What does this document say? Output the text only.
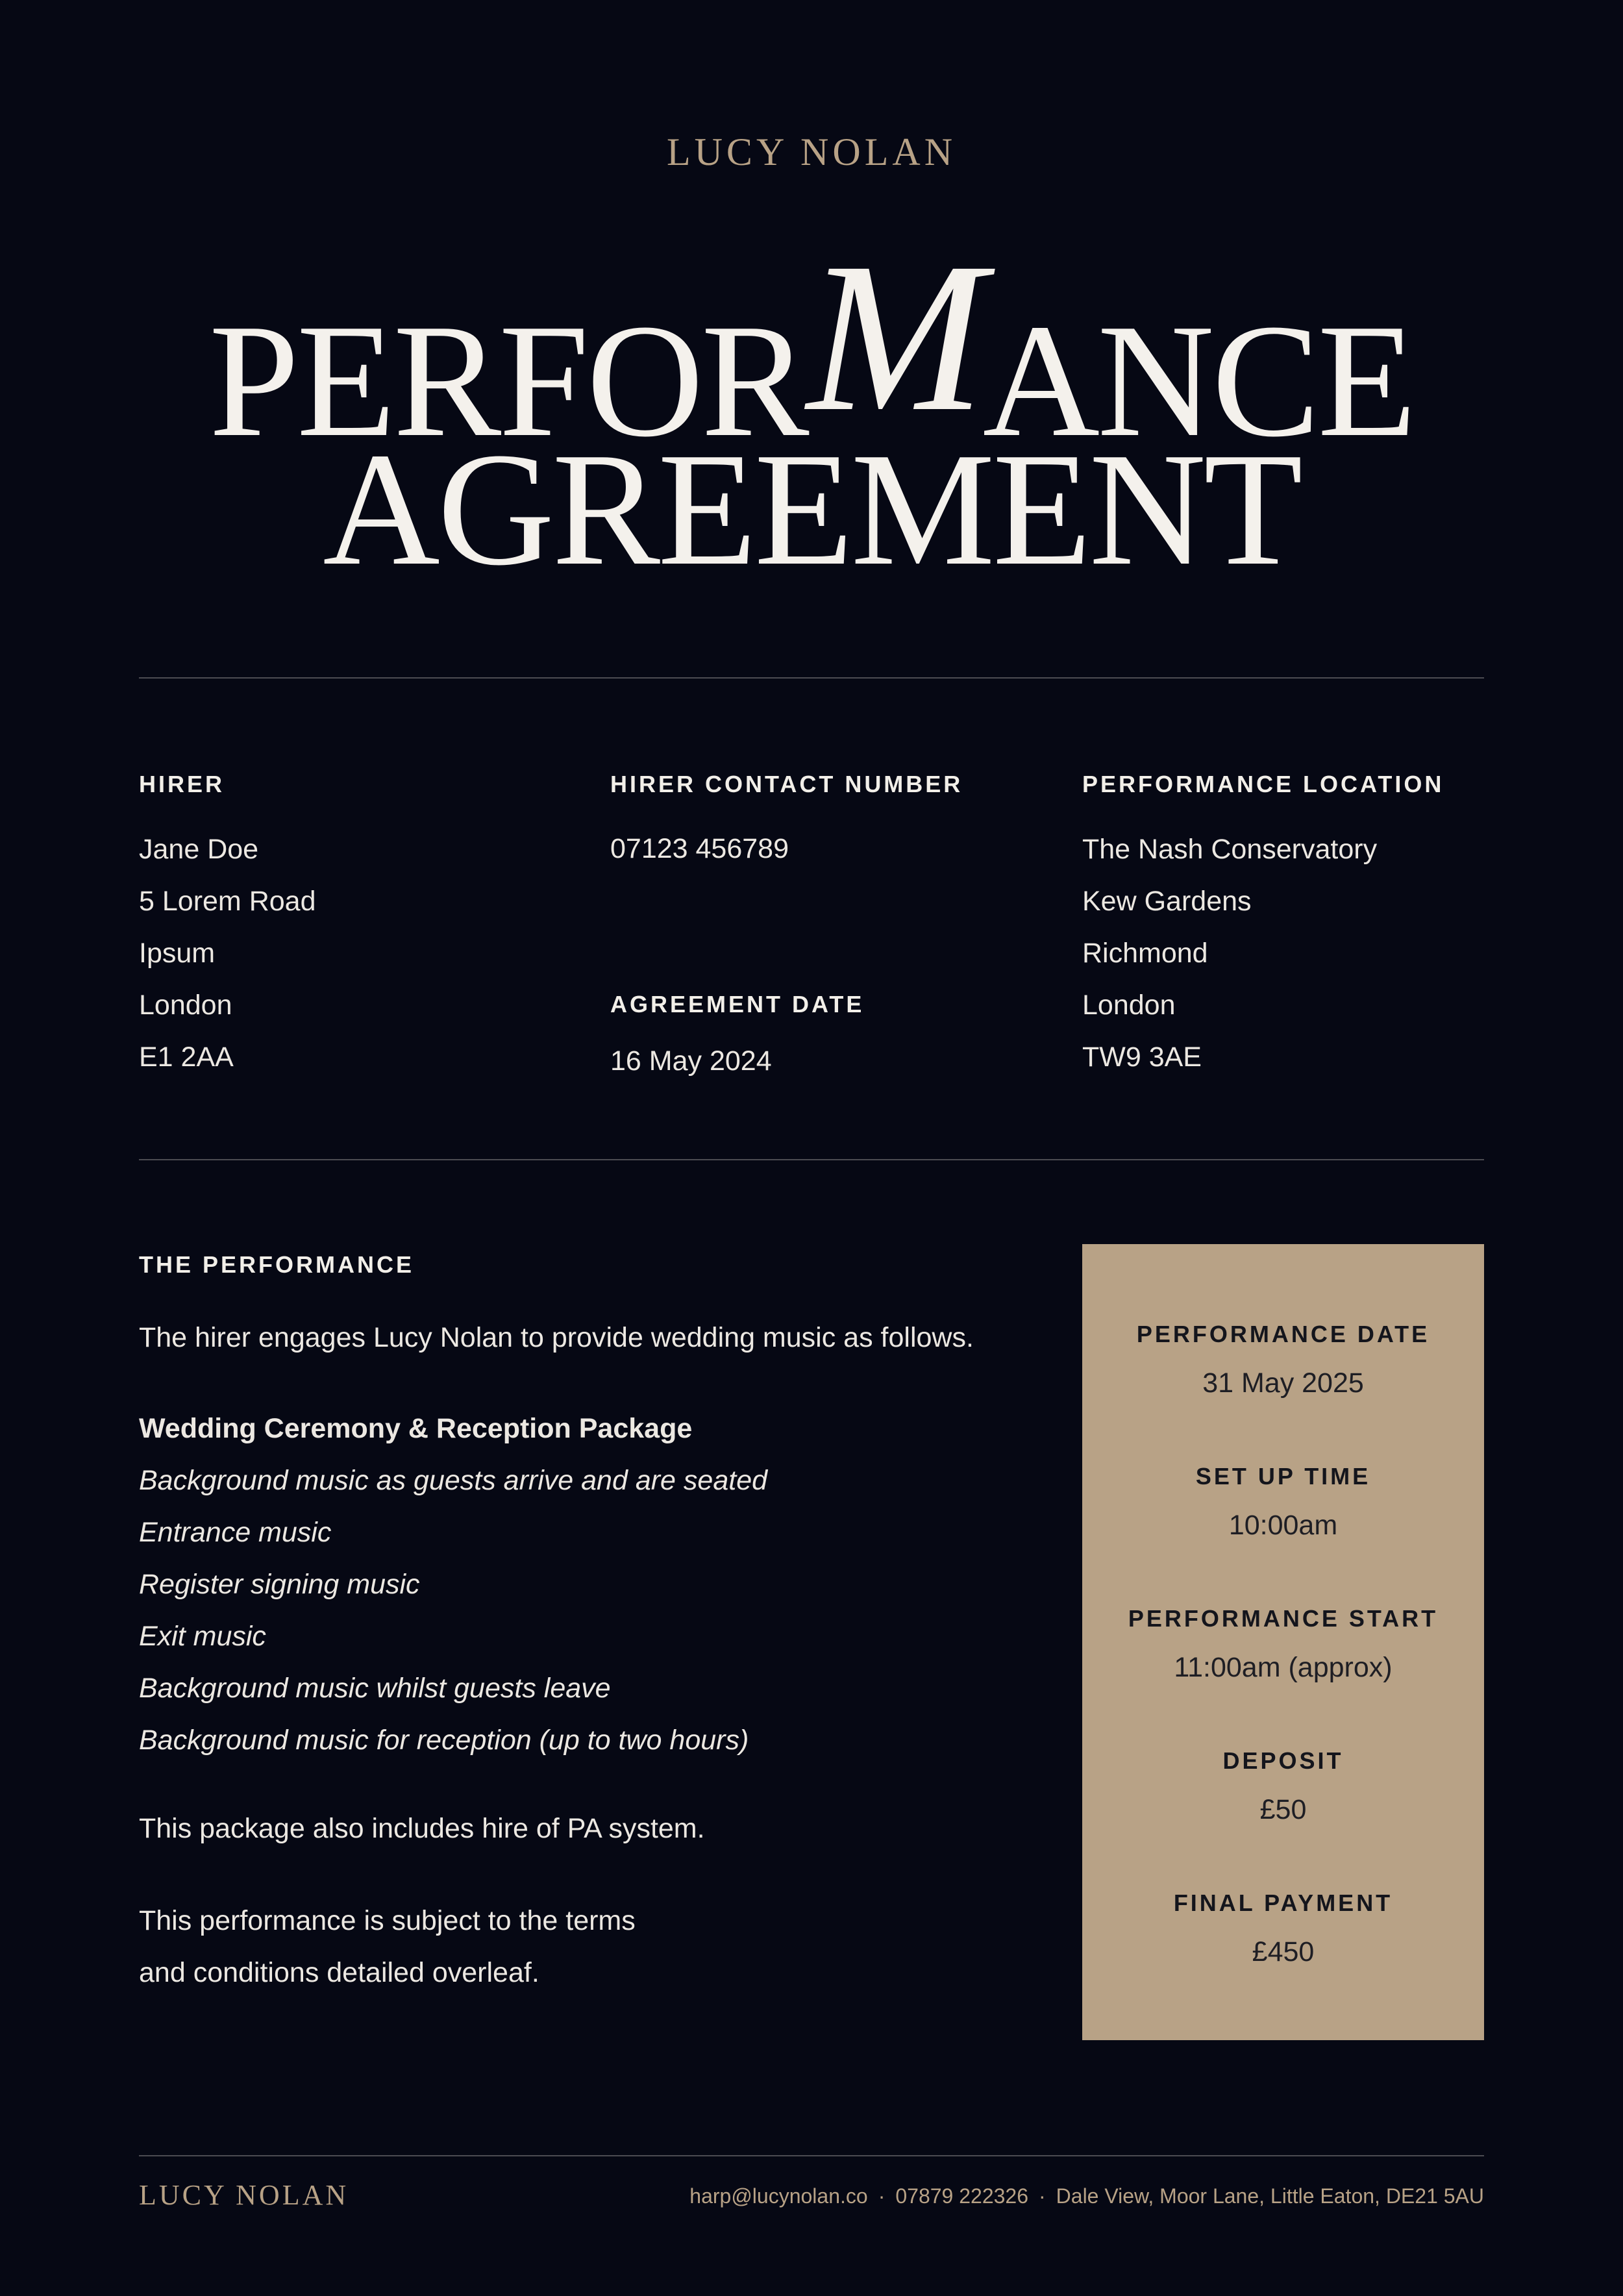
LUCY NOLAN
PERFORMANCE
AGREEMENT
HIRER
Jane Doe
5 Lorem Road
Ipsum
London
E1 2AA
HIRER CONTACT NUMBER
07123 456789
AGREEMENT DATE
16 May 2024
PERFORMANCE LOCATION
The Nash Conservatory
Kew Gardens
Richmond
London
TW9 3AE
THE PERFORMANCE
The hirer engages Lucy Nolan to provide wedding music as follows.
Wedding Ceremony & Reception Package
Background music as guests arrive and are seated
Entrance music
Register signing music
Exit music
Background music whilst guests leave
Background music for reception (up to two hours)
This package also includes hire of PA system.
This performance is subject to the terms
and conditions detailed overleaf.
PERFORMANCE DATE
31 May 2025
SET UP TIME
10:00am
PERFORMANCE START
11:00am (approx)
DEPOSIT
£50
FINAL PAYMENT
£450
LUCY NOLAN	harp@lucynolan.co · 07879 222326 · Dale View, Moor Lane, Little Eaton, DE21 5AU
